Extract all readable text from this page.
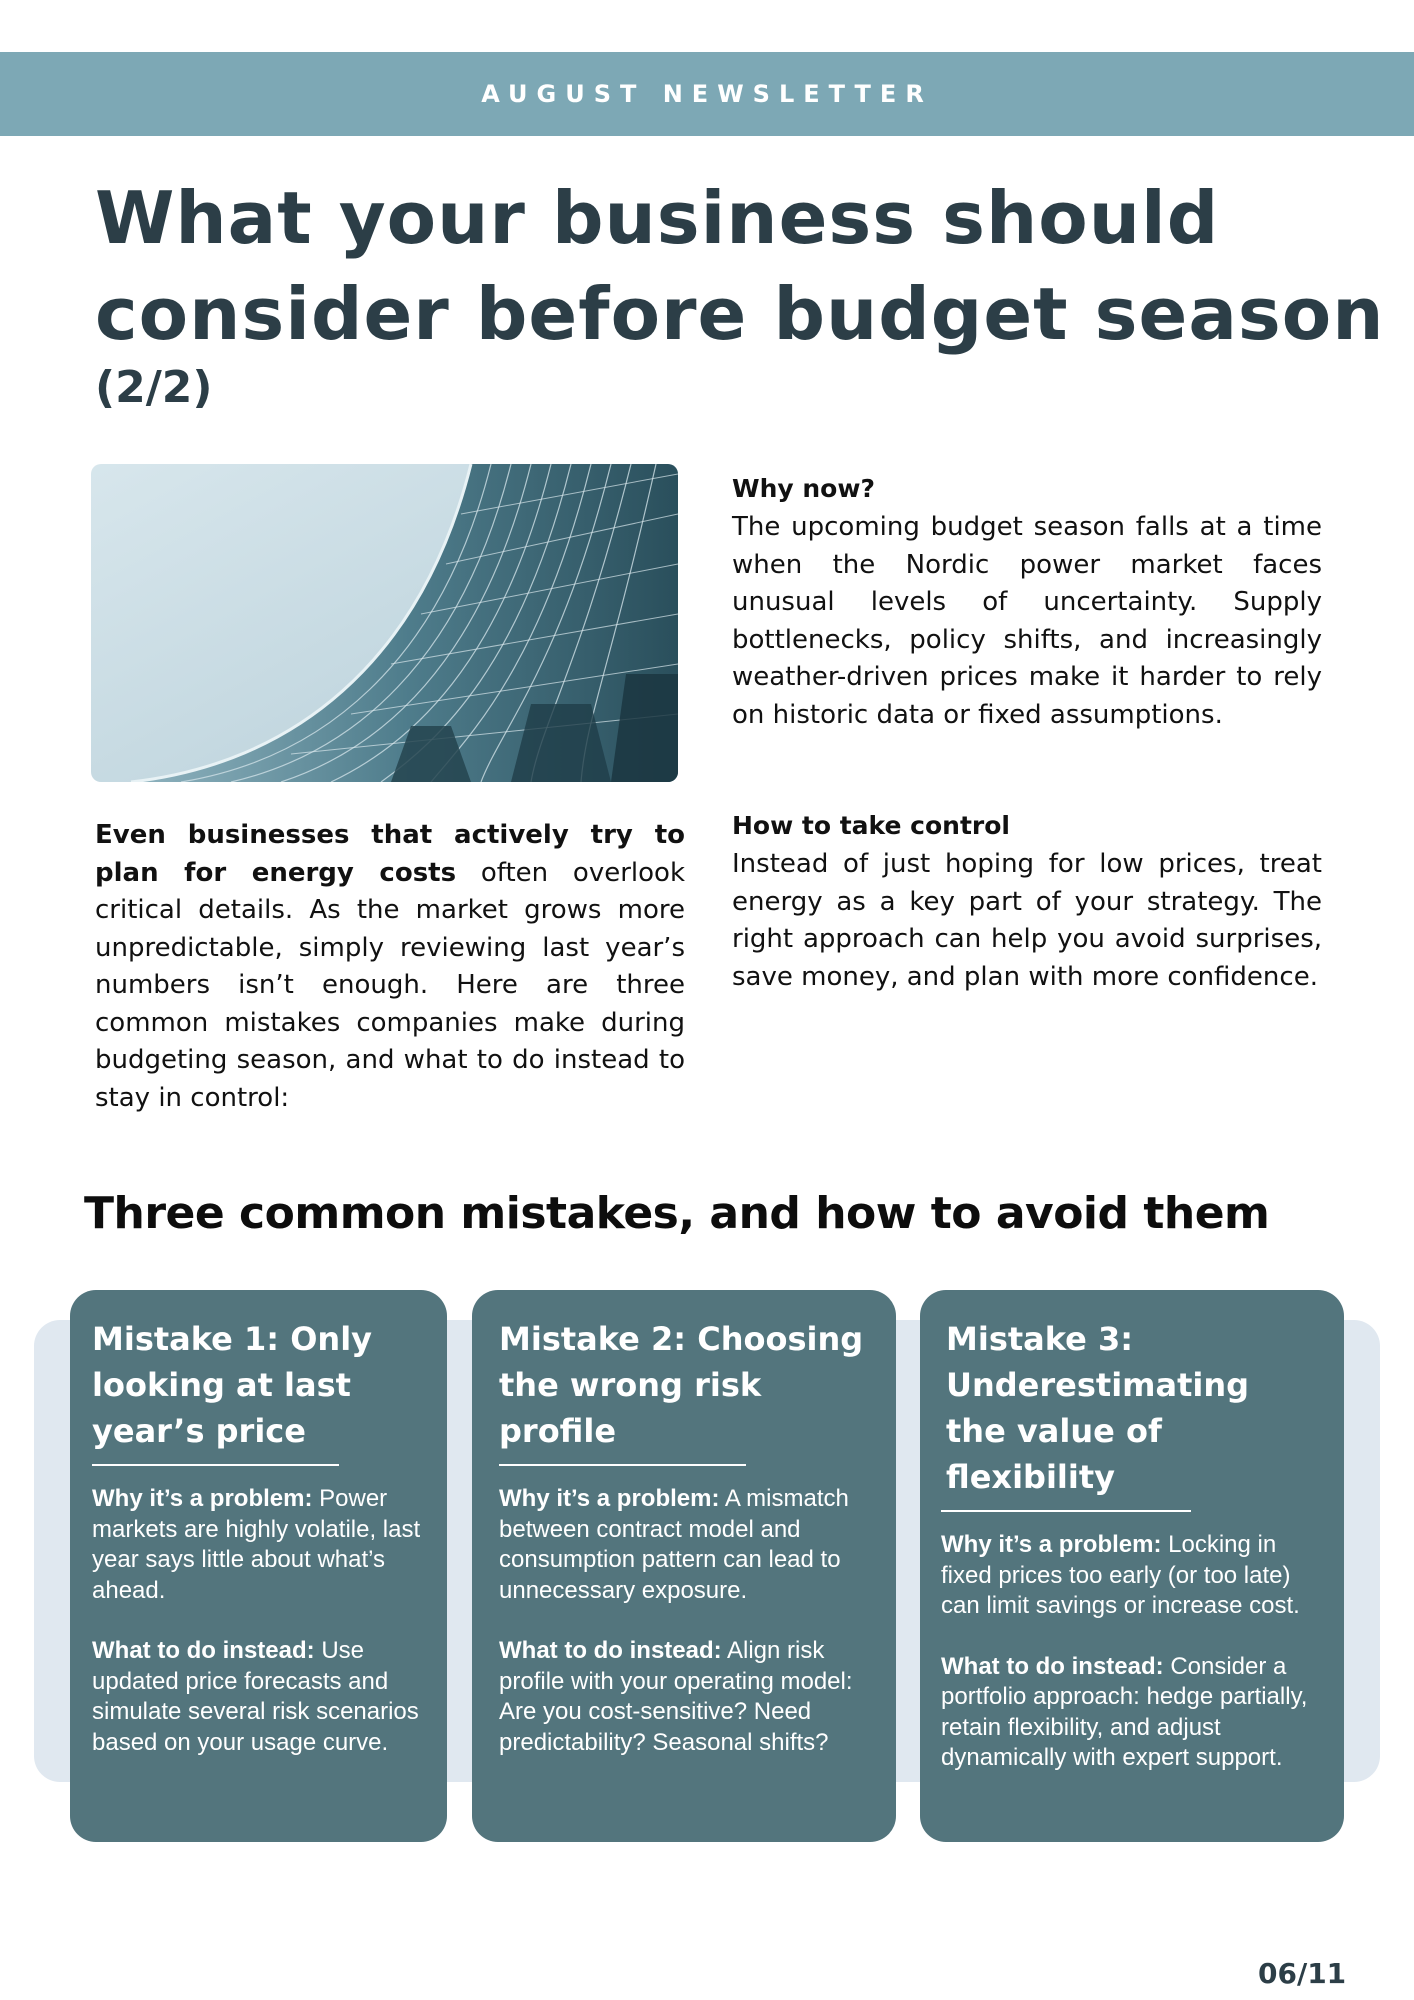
AUGUST NEWSLETTER
What your business should consider before budget season
(2/2)

Even businesses that actively try to plan for energy costs often overlook critical details. As the market grows more unpredictable, simply reviewing last year’s numbers isn’t enough. Here are three common mistakes companies make during budgeting season, and what to do instead to stay in control:

Why now?

The upcoming budget season falls at a time when the Nordic power market faces unusual levels of uncertainty. Supply bottlenecks, policy shifts, and increasingly weather-driven prices make it harder to rely on historic data or fixed assumptions.

How to take control

Instead of just hoping for low prices, treat energy as a key part of your strategy. The right approach can help you avoid surprises, save money, and plan with more confidence.

Three common mistakes, and how to avoid them
Mistake 1: Only looking at last year’s price

Why it’s a problem: Power markets are highly volatile, last year says little about what’s ahead.

What to do instead: Use updated price forecasts and simulate several risk scenarios based on your usage curve.

Mistake 2: Choosing the wrong risk profile

Why it’s a problem: A mismatch between contract model and consumption pattern can lead to unnecessary exposure.

What to do instead: Align risk profile with your operating model: Are you cost-sensitive? Need predictability? Seasonal shifts?

Mistake 3: Underestimating the value of flexibility

Why it’s a problem: Locking in fixed prices too early (or too late) can limit savings or increase cost.

What to do instead: Consider a portfolio approach: hedge partially, retain flexibility, and adjust dynamically with expert support.

06/11
